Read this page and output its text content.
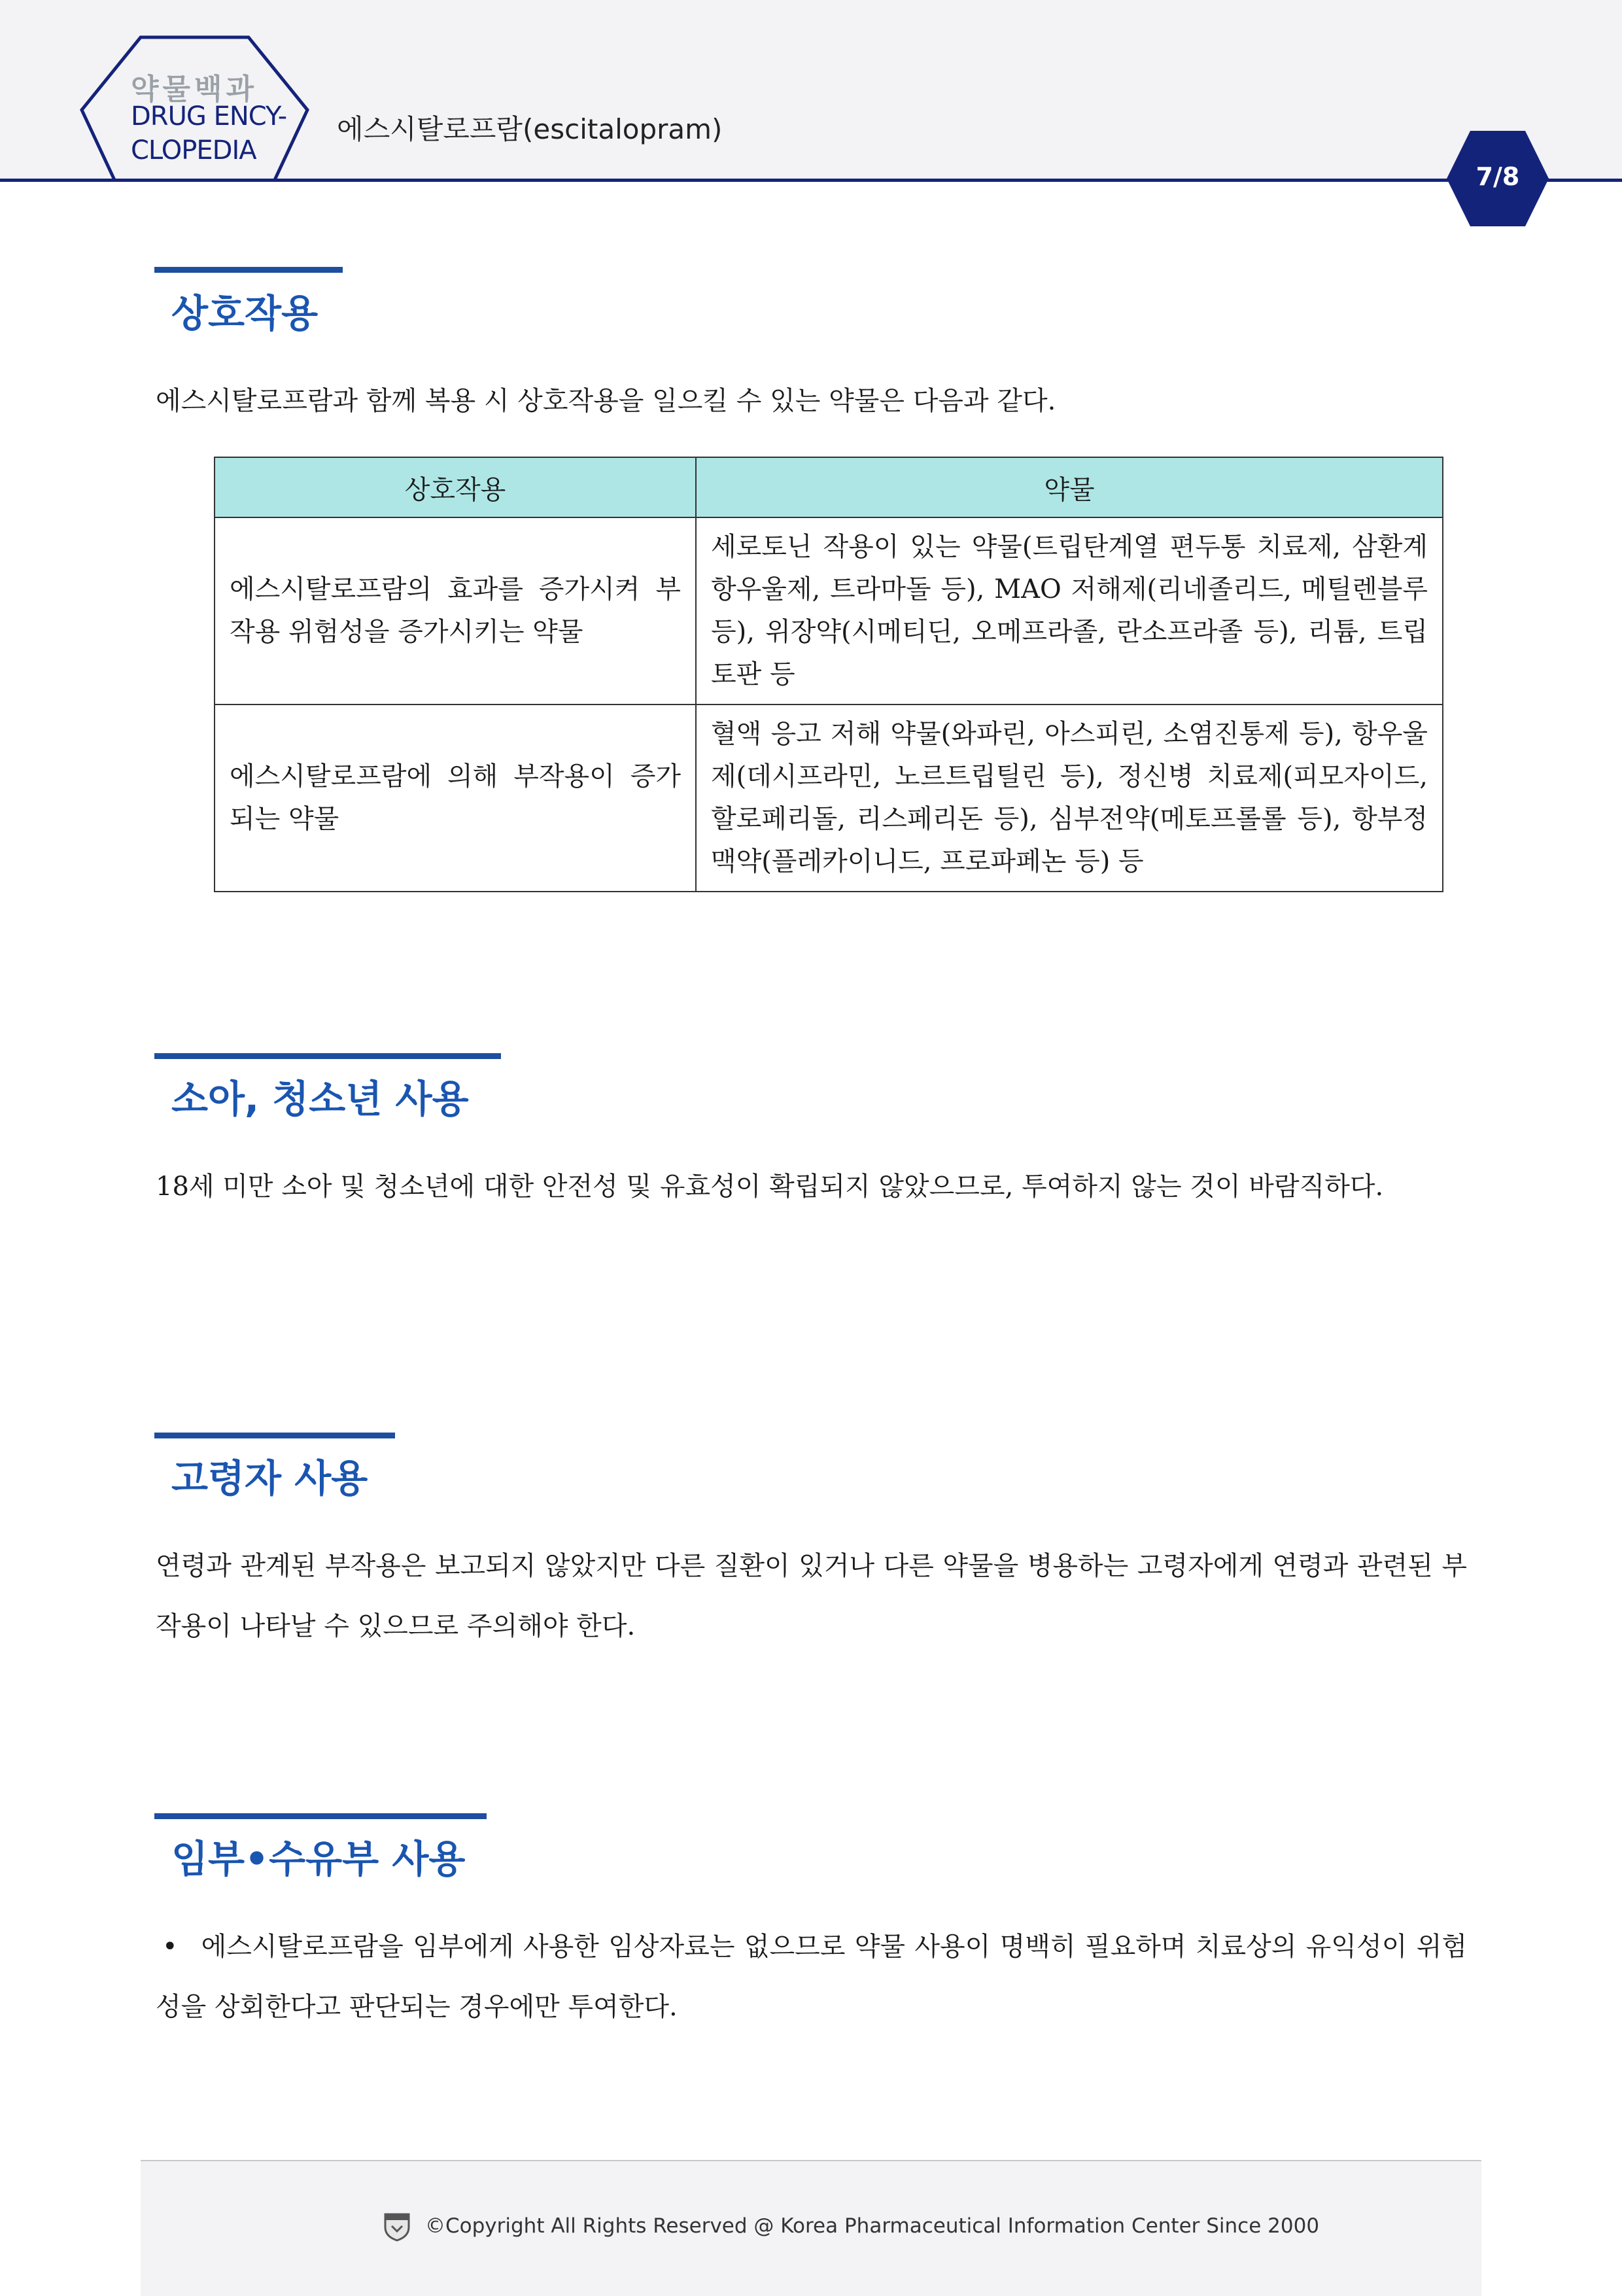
약물백과
DRUG ENCY-
CLOPEDIA
에스시탈로프람(escitalopram)
7/8
상호작용
에스시탈로프람과 함께 복용 시 상호작용을 일으킬 수 있는 약물은 다음과 같다.
상호작용	약물
에스시탈로프람의 효과를 증가시켜 부작용 위험성을 증가시키는 약물	세로토닌 작용이 있는 약물(트립탄계열 편두통 치료제, 삼환계 항우울제, 트라마돌 등), MAO 저해제(리네졸리드, 메틸렌블루 등), 위장약(시메티딘, 오메프라졸, 란소프라졸 등), 리튬, 트립토판 등
에스시탈로프람에 의해 부작용이 증가되는 약물	혈액 응고 저해 약물(와파린, 아스피린, 소염진통제 등), 항우울제(데시프라민, 노르트립틸린 등), 정신병 치료제(피모자이드, 할로페리돌, 리스페리돈 등), 심부전약(메토프롤롤 등), 항부정맥약(플레카이니드, 프로파페논 등) 등
소아, 청소년 사용
18세 미만 소아 및 청소년에 대한 안전성 및 유효성이 확립되지 않았으므로, 투여하지 않는 것이 바람직하다.
고령자 사용
연령과 관계된 부작용은 보고되지 않았지만 다른 질환이 있거나 다른 약물을 병용하는 고령자에게 연령과 관련된 부작용이 나타날 수 있으므로 주의해야 한다.
임부•수유부 사용
• 에스시탈로프람을 임부에게 사용한 임상자료는 없으므로 약물 사용이 명백히 필요하며 치료상의 유익성이 위험성을 상회한다고 판단되는 경우에만 투여한다.
©Copyright All Rights Reserved @ Korea Pharmaceutical Information Center Since 2000
